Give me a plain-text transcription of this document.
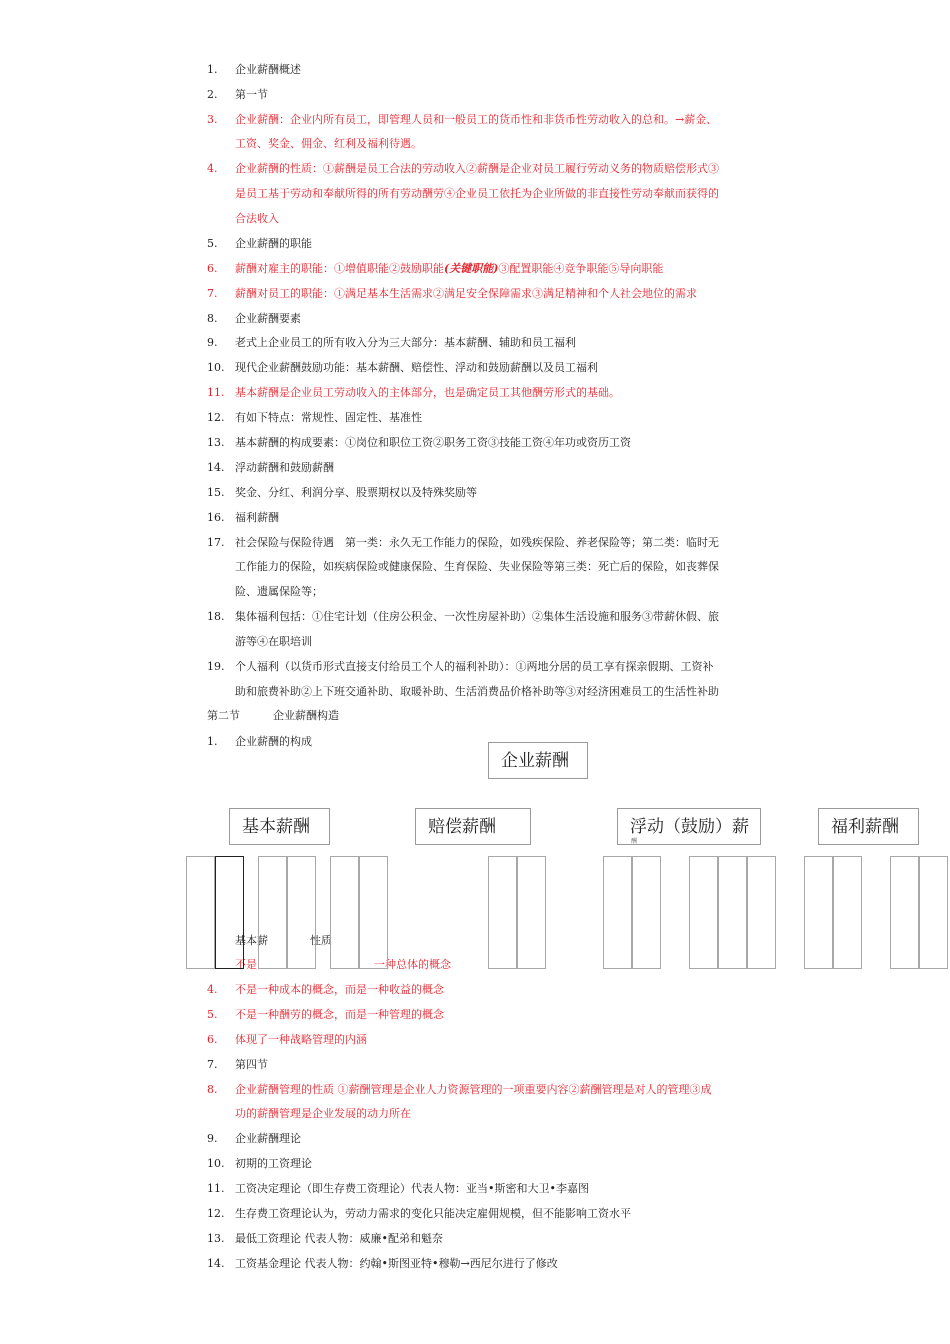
1.	企业薪酬概述
2.	第一节
3.	企业薪酬：企业内所有员工，即管理人员和一般员工的货币性和非货币性劳动收入的总和。→薪金、
4.	企业薪酬的性质：①薪酬是员工合法的劳动收入②薪酬是企业对员工履行劳动义务的物质赔偿形式③
5.	企业薪酬的职能
6.	薪酬对雇主的职能：①增值职能②鼓励职能(关键职能)③配置职能④竞争职能⑤导向职能
7.	薪酬对员工的职能：①满足基本生活需求②满足安全保障需求③满足精神和个人社会地位的需求
8.	企业薪酬要素
9.	老式上企业员工的所有收入分为三大部分：基本薪酬、辅助和员工福利
10. 现代企业薪酬鼓励功能：基本薪酬、赔偿性、浮动和鼓励薪酬以及员工福利
11. 基本薪酬是企业员工劳动收入的主体部分，也是确定员工其他酬劳形式的基础。
12. 有如下特点：常规性、固定性、基准性
13. 基本薪酬的构成要素：①岗位和职位工资②职务工资③技能工资④年功或资历工资
14. 浮动薪酬和鼓励薪酬
15. 奖金、分红、利润分享、股票期权以及特殊奖励等
16. 福利薪酬
17. 社会保险与保险待遇　第一类：永久无工作能力的保险，如残疾保险、养老保险等；第二类：临时无
18. 集体福利包括：①住宅计划（住房公积金、一次性房屋补助）②集体生活设施和服务③带薪休假、旅
19. 个人福利（以货币形式直接支付给员工个人的福利补助）：①两地分居的员工享有探亲假期、工资补
1.	企业薪酬的构成
工资、奖金、佣金、红利及福利待遇。
是员工基于劳动和奉献所得的所有劳动酬劳④企业员工依托为企业所做的非直接性劳动奉献而获得的
合法收入
工作能力的保险，如疾病保险或健康保险、生育保险、失业保险等第三类：死亡后的保险，如丧葬保
险、遗属保险等；
游等④在职培训
助和旅费补助②上下班交通补助、取暖补助、生活消费品价格补助等③对经济困难员工的生活性补助
4.	不是一种成本的概念，而是一种收益的概念
5.	不是一种酬劳的概念，而是一种管理的概念
6.	体现了一种战略管理的内涵
7.	第四节
8.	企业薪酬管理的性质 ①薪酬管理是企业人力资源管理的一项重要内容②薪酬管理是对人的管理③成
9.	企业薪酬理论
10. 初期的工资理论
11. 工资决定理论（即生存费工资理论）代表人物：亚当•斯密和大卫•李嘉图
12. 生存费工资理论认为，劳动力需求的变化只能决定雇佣规模，但不能影响工资水平
13. 最低工资理论 代表人物：威廉•配弟和魁奈
14. 工资基金理论 代表人物：约翰•斯图亚特•穆勒→西尼尔进行了修改
功的薪酬管理是企业发展的动力所在
第二节	企业薪酬构造
企业薪酬
基本薪酬	赔偿薪酬	浮动（鼓励）薪	福利薪酬
酬
基本薪	性质
不是	一种总体的概念
